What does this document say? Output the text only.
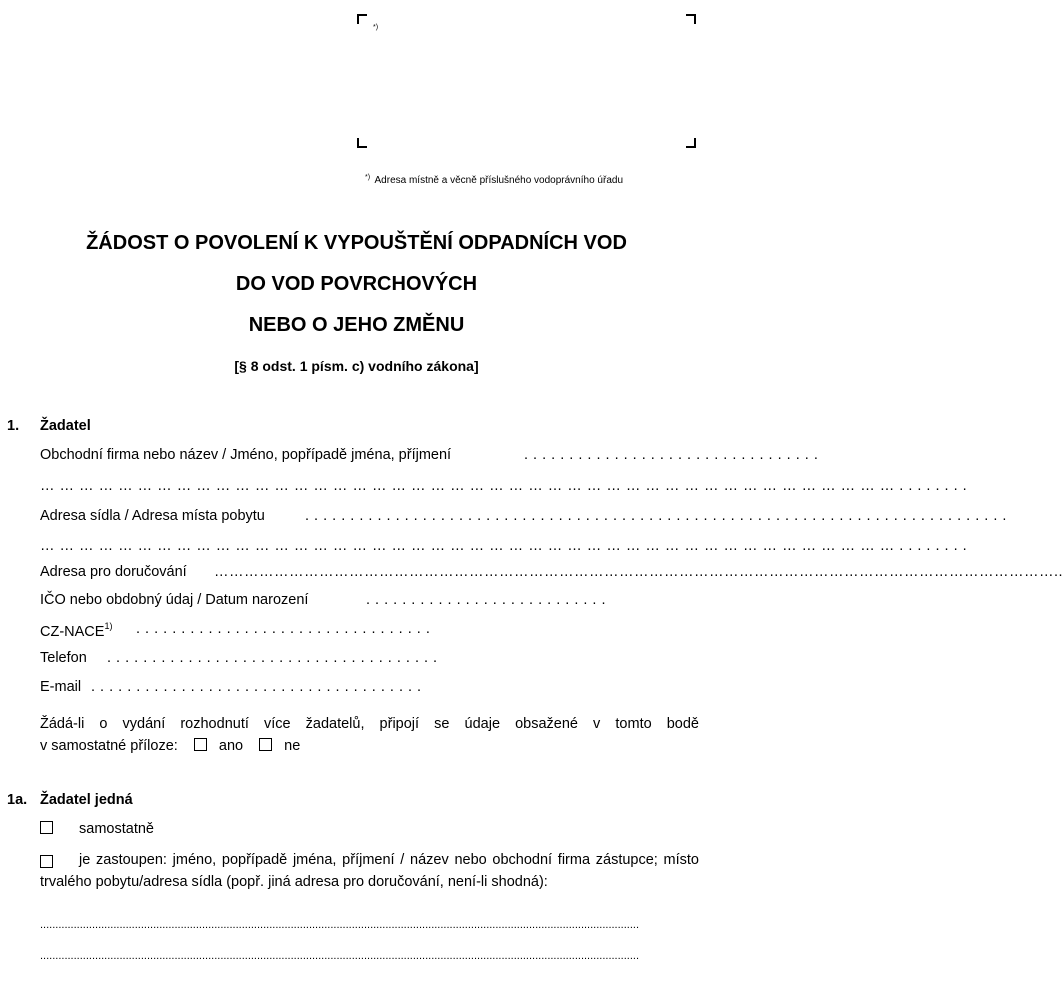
*)
*) Adresa místně a věcně příslušného vodoprávního úřadu
ŽÁDOST O POVOLENÍ K VYPOUŠTĚNÍ ODPADNÍCH VOD
DO VOD POVRCHOVÝCH
NEBO O JEHO ZMĚNU
[§ 8 odst. 1 písm. c) vodního zákona]
1. Žadatel
Obchodní firma nebo název / Jméno, popřípadě jména, příjmení	. . . . . . . . . . . . . . . . . . . . . . . . . . . . . . . . .
… … … … … … … … … … … … … … … … … … … … … … … … … … … … … … … … … … … … … … … … … … … … . . . . . . . .
Adresa sídla / Adresa místa pobytu	. . . . . . . . . . . . . . . . . . . . . . . . . . . . . . . . . . . . . . . . . . . . . . . . . . . . . . . . . . . . . . . . . . . . . . . . . . . . . .
… … … … … … … … … … … … … … … … … … … … … … … … … … … … … … … … … … … … … … … … … … … … . . . . . . . .
Adresa pro doručování ……………………………………………………………………………………………………………………………………………………..
IČO nebo obdobný údaj / Datum narození	. . . . . . . . . . . . . . . . . . . . . . . . . . .
CZ-NACE$^{1)}$ . . . . . . . . . . . . . . . . . . . . . . . . . . . . . . . . .
Telefon . . . . . . . . . . . . . . . . . . . . . . . . . . . . . . . . . . . . .
E-mail . . . . . . . . . . . . . . . . . . . . . . . . . . . . . . . . . . . . .
Žádá-li o vydání rozhodnutí více žadatelů, připojí se údaje obsažené v tomto bodě
v samostatné příloze:	ano	ne
1a. Žadatel jedná
samostatně
je zastoupen: jméno, popřípadě jména, příjmení / název nebo obchodní firma zástupce; místo trvalého pobytu/adresa sídla (popř. jiná adresa pro doručování, není-li shodná):
....................................................................................................................................................................................................
....................................................................................................................................................................................................
